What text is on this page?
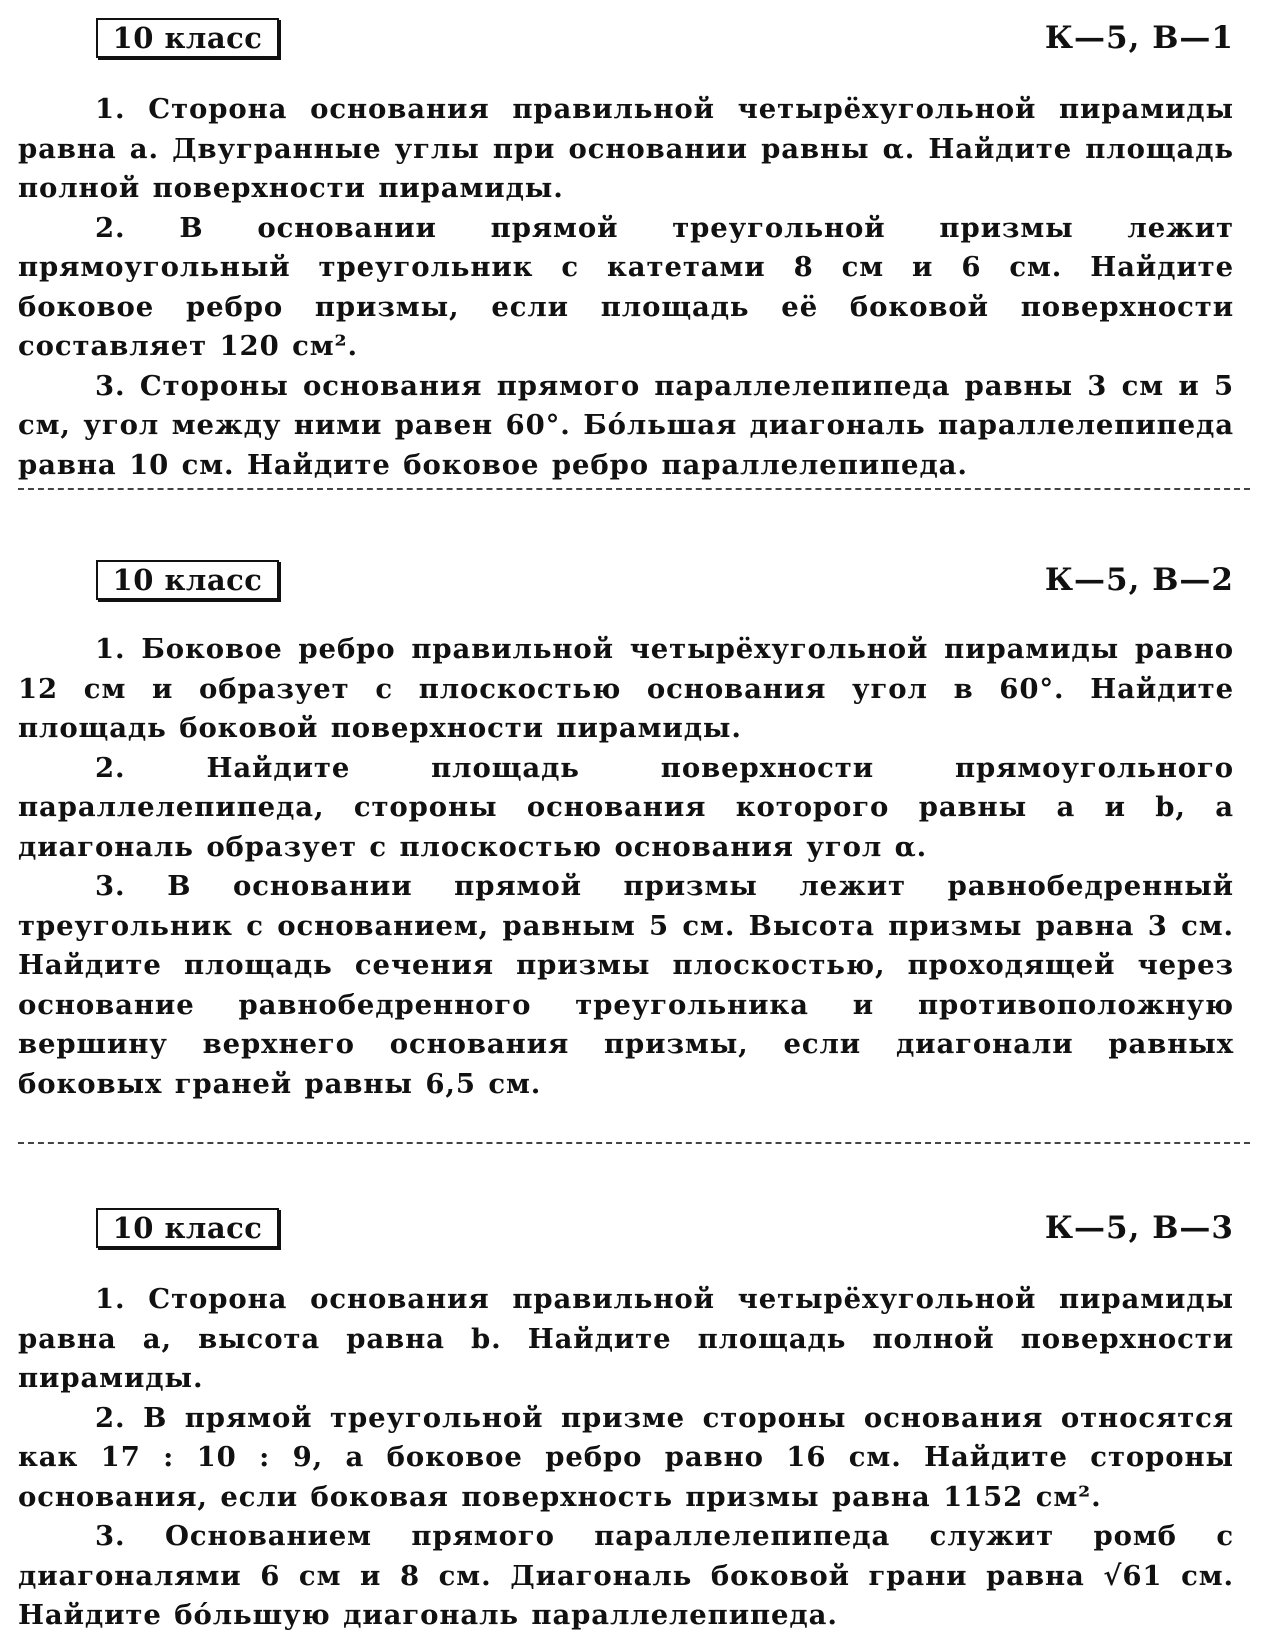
10 класс	К—5, В—1

1. Сторона основания правильной четырёхугольной пирамиды равна a. Двугранные углы при основании равны α. Найдите площадь полной поверхности пирамиды.

2. В основании прямой треугольной призмы лежит прямоугольный треугольник с катетами 8 см и 6 см. Найдите боковое ребро призмы, если площадь её боковой поверхности составляет 120 см².

3. Стороны основания прямого параллелепипеда равны 3 см и 5 см, угол между ними равен 60°. Бо́льшая диагональ параллелепипеда равна 10 см. Найдите боковое ребро параллелепипеда.

10 класс	К—5, В—2

1. Боковое ребро правильной четырёхугольной пирамиды равно 12 см и образует с плоскостью основания угол в 60°. Найдите площадь боковой поверхности пирамиды.

2.	Найдите площадь поверхности прямоугольного параллелепипеда, стороны основания которого равны a и b, а диагональ образует с плоскостью основания угол α.

3. В основании прямой призмы лежит равнобедренный треугольник с основанием, равным 5 см. Высота призмы равна 3 см. Найдите площадь сечения призмы плоскостью, проходящей через основание равнобедренного треугольника и противоположную вершину верхнего основания призмы, если диагонали равных боковых граней равны 6,5 см.

10 класс	К—5, В—3

1. Сторона основания правильной четырёхугольной пирамиды равна a, высота равна b. Найдите площадь полной поверхности пирамиды.

2. В прямой треугольной призме стороны основания относятся как 17 : 10 : 9, а боковое ребро равно 16 см. Найдите стороны основания, если боковая поверхность призмы равна 1152 см².

3. Основанием прямого параллелепипеда служит ромб с диагоналями 6 см и 8 см. Диагональ боковой грани равна √61 см. Найдите бо́льшую диагональ параллелепипеда.
